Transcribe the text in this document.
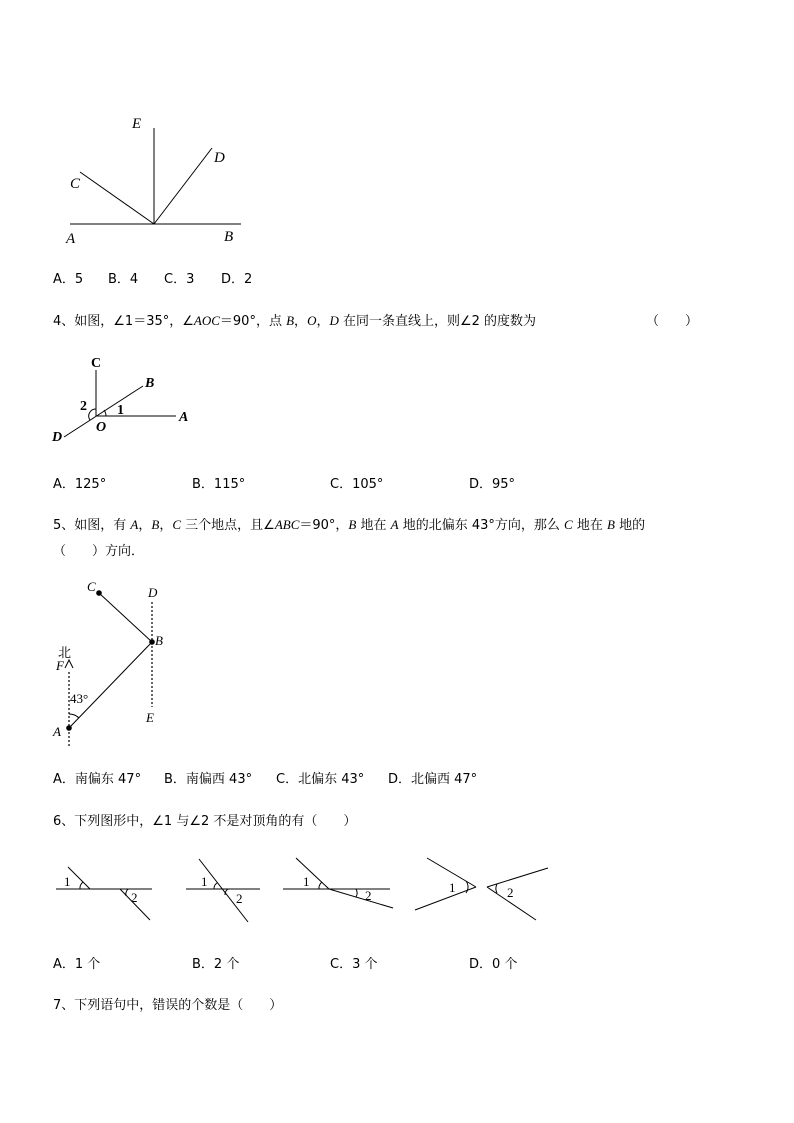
E
D
C
A	B
A．5 B．4 C．3 D．2
4、如图，∠1＝35°，∠AOC＝90°，点 B，O，D 在同一条直线上，则∠2 的度数为	（　　）
C
B
A
D
O
1
2
A．125°	B．115°	C．105°	D．95°
5、如图，有 A，B，C 三个地点，且∠ABC＝90°，B 地在 A 地的北偏东 43°方向，那么 C 地在 B 地的
（　　）方向．
C	D
B
北
F
43°
E
A
A．南偏东 47° B．南偏西 43° C．北偏东 43° D．北偏西 47°
6、下列图形中，∠1 与∠2 不是对顶角的有（　　）
1
2
1
2
1
2
1	2
A．1 个	B．2 个	C．3 个	D．0 个
7、下列语句中，错误的个数是（　　）
